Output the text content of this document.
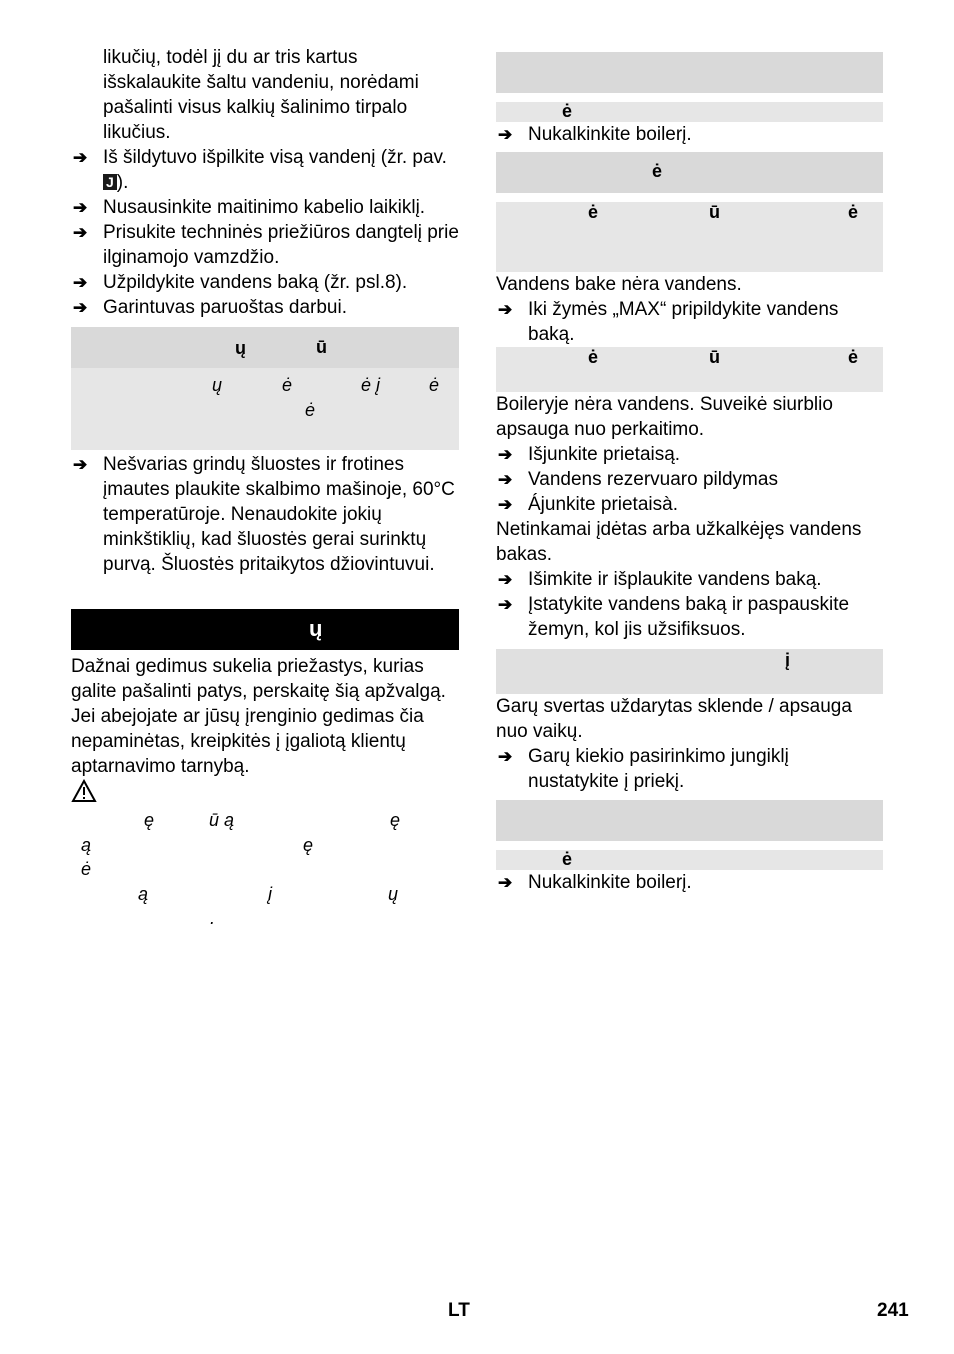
likučių, todėl jį du ar tris kartus išskalaukite šaltu vandeniu, norėdami pašalinti visus kalkių šalinimo tirpalo likučius.

➔ Iš šildytuvo išpilkite visą vandenį (žr. pav. J ).
➔ Nusausinkite maitinimo kabelio laikiklį.
➔ Prisukite techninės priežiūros dangtelį prie ilginamojo vamzdžio.
➔ Užpildykite vandens baką (žr. psl.8).
➔ Garintuvas paruoštas darbui.
ų	ū
ų	ė	ė į	ė
ė
➔ Nešvarias grindų šluostes ir frotines įmautes plaukite skalbimo mašinoje, 60°C temperatūroje. Nenaudokite jokių minkštiklių, kad šluostės gerai surinktų purvą. Šluostės pritaikytos džiovintuvui.
ų

Dažnai gedimus sukelia priežastys, kurias galite pašalinti patys, perskaitę šią apžvalgą. Jei abejojate ar jūsų įrenginio gedimas čia nepaminėtas, kreipkitės į įgaliotą klientų aptarnavimo tarnybą.

ę	ū ą	ę
ą	ę
ė
ą	į	ų
.
ė
➔ Nukalkinkite boilerį.
ė
ė	ū	ė

Vandens bake nėra vandens.

➔ Iki žymės „MAX“ pripildykite vandens baką.
ė	ū	ė

Boileryje nėra vandens. Suveikė siurblio apsauga nuo perkaitimo.

➔ Išjunkite prietaisą.
➔ Vandens rezervuaro pildymas
➔ Ájunkite prietaisà.

Netinkamai įdėtas arba užkalkėjęs vandens bakas.

➔ Išimkite ir išplaukite vandens baką.
➔ Įstatykite vandens baką ir paspauskite žemyn, kol jis užsifiksuos.
į

Garų svertas uždarytas sklende / apsauga nuo vaikų.

➔ Garų kiekio pasirinkimo jungiklį nustatykite į priekį.
ė
➔ Nukalkinkite boilerį.
LT	241
